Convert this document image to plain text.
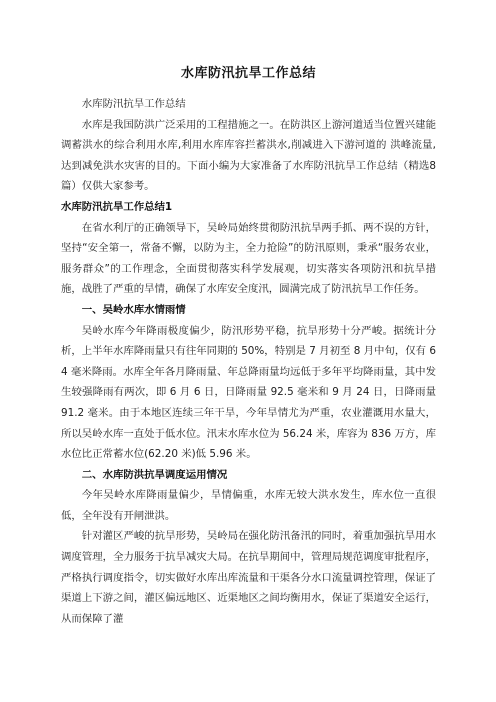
水库防汛抗旱工作总结

水库防汛抗旱工作总结

水库是我国防洪广泛采用的工程措施之一。在防洪区上游河道适当位置兴建能调蓄洪水的综合利用水库,利用水库库容拦蓄洪水,削减进入下游河道的 洪峰流量,达到减免洪水灾害的目的。下面小编为大家准备了水库防汛抗旱工作总结（精选8篇）仅供大家参考。

水库防汛抗旱工作总结1

在省水利厅的正确领导下，吴岭局始终贯彻防汛抗旱两手抓、两不误的方针，坚持“安全第一，常备不懈，以防为主，全力抢险”的防汛原则，秉承“服务农业，服务群众”的工作理念，全面贯彻落实科学发展观，切实落实各项防汛和抗旱措施，战胜了严重的旱情，确保了水库安全度汛，圆满完成了防汛抗旱工作任务。

一、吴岭水库水情雨情

吴岭水库今年降雨极度偏少，防汛形势平稳，抗旱形势十分严峻。据统计分析，上半年水库降雨量只有往年同期的 50%，特别是 7 月初至 8 月中旬，仅有 64 毫米降雨。水库全年各月降雨量、年总降雨量均远低于多年平均降雨量，其中发生较强降雨有两次，即 6 月 6 日，日降雨量 92.5 毫米和 9 月 24 日，日降雨量 91.2 毫米。由于本地区连续三年干旱，今年旱情尤为严重，农业灌溉用水量大，所以吴岭水库一直处于低水位。汛末水库水位为 56.24 米，库容为 836 万方，库水位比正常蓄水位(62.20 米)低 5.96 米。

二、水库防洪抗旱调度运用情况

今年吴岭水库降雨量偏少，旱情偏重，水库无较大洪水发生，库水位一直很低，全年没有开闸泄洪。

针对灌区严峻的抗旱形势，吴岭局在强化防汛备汛的同时，着重加强抗旱用水调度管理，全力服务于抗旱减灾大局。在抗旱期间中，管理局规范调度审批程序，严格执行调度指令，切实做好水库出库流量和干渠各分水口流量调控管理，保证了渠道上下游之间，灌区偏远地区、近渠地区之间均衡用水，保证了渠道安全运行，从而保障了灌
